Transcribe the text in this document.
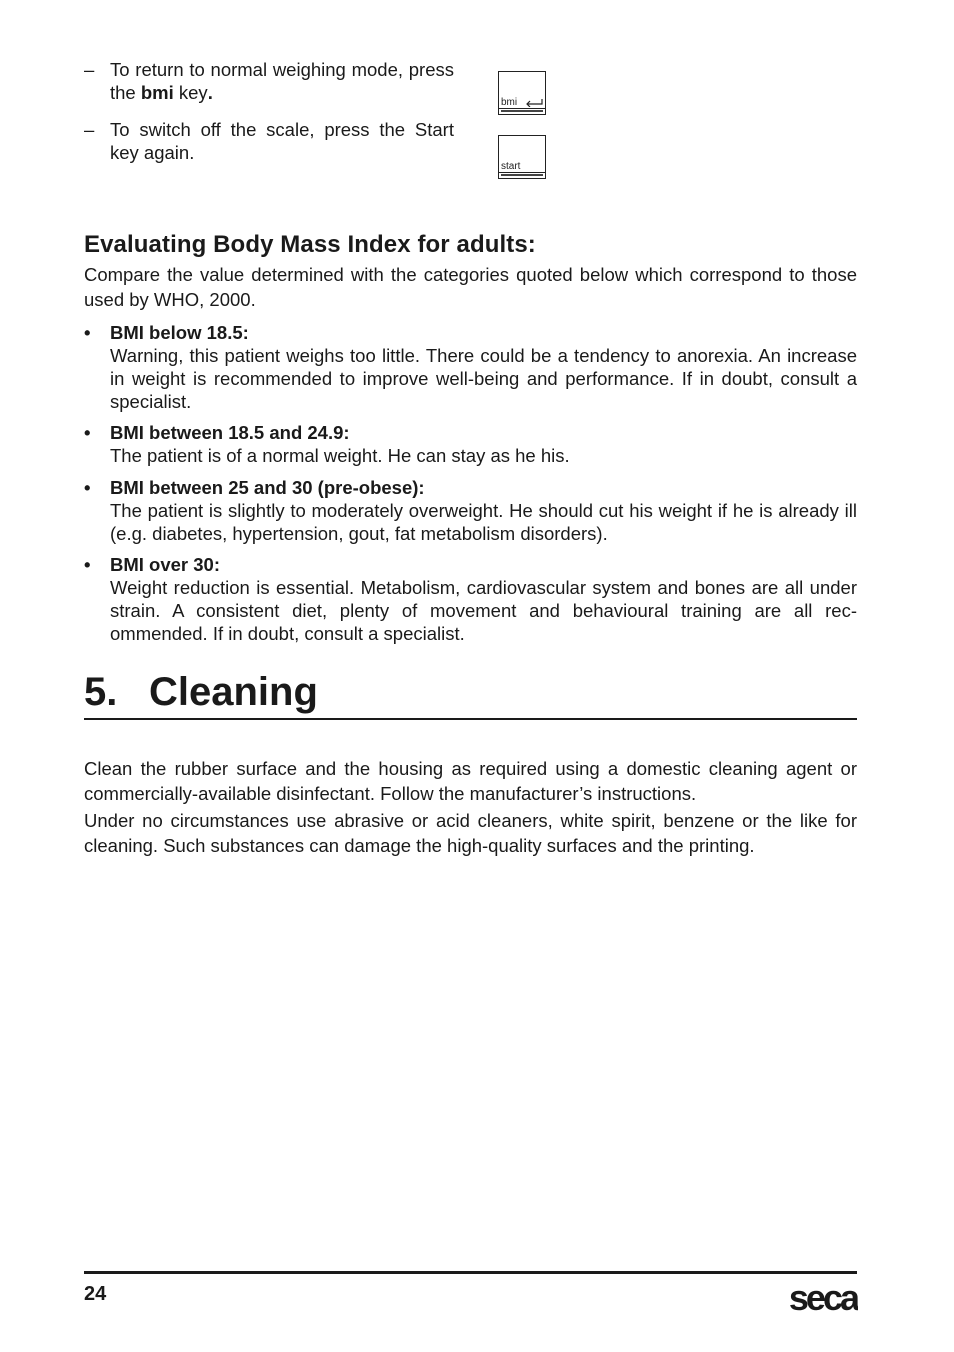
– To return to normal weighing mode, press the bmi key.
– To switch off the scale, press the Start key again.
bmi
start
Evaluating Body Mass Index for adults:
Compare the value determined with the categories quoted below which correspond to those used by WHO, 2000.
• BMI below 18.5:
Warning, this patient weighs too little. There could be a tendency to anorexia. An increase in weight is recommended to improve well-being and performance. If in doubt, consult a specialist.
• BMI between 18.5 and 24.9:
The patient is of a normal weight. He can stay as he his.
• BMI between 25 and 30 (pre-obese):
The patient is slightly to moderately overweight. He should cut his weight if he is already ill (e.g. diabetes, hypertension, gout, fat metabolism disorders).
• BMI over 30:
Weight reduction is essential. Metabolism, cardiovascular system and bones are all under strain. A consistent diet, plenty of movement and behavioural training are all recommended. If in doubt, consult a specialist.
5. Cleaning
Clean the rubber surface and the housing as required using a domestic cleaning agent or commercially-available disinfectant. Follow the manufacturer’s instructions.
Under no circumstances use abrasive or acid cleaners, white spirit, benzene or the like for cleaning. Such substances can damage the high-quality surfaces and the printing.
24	seca
